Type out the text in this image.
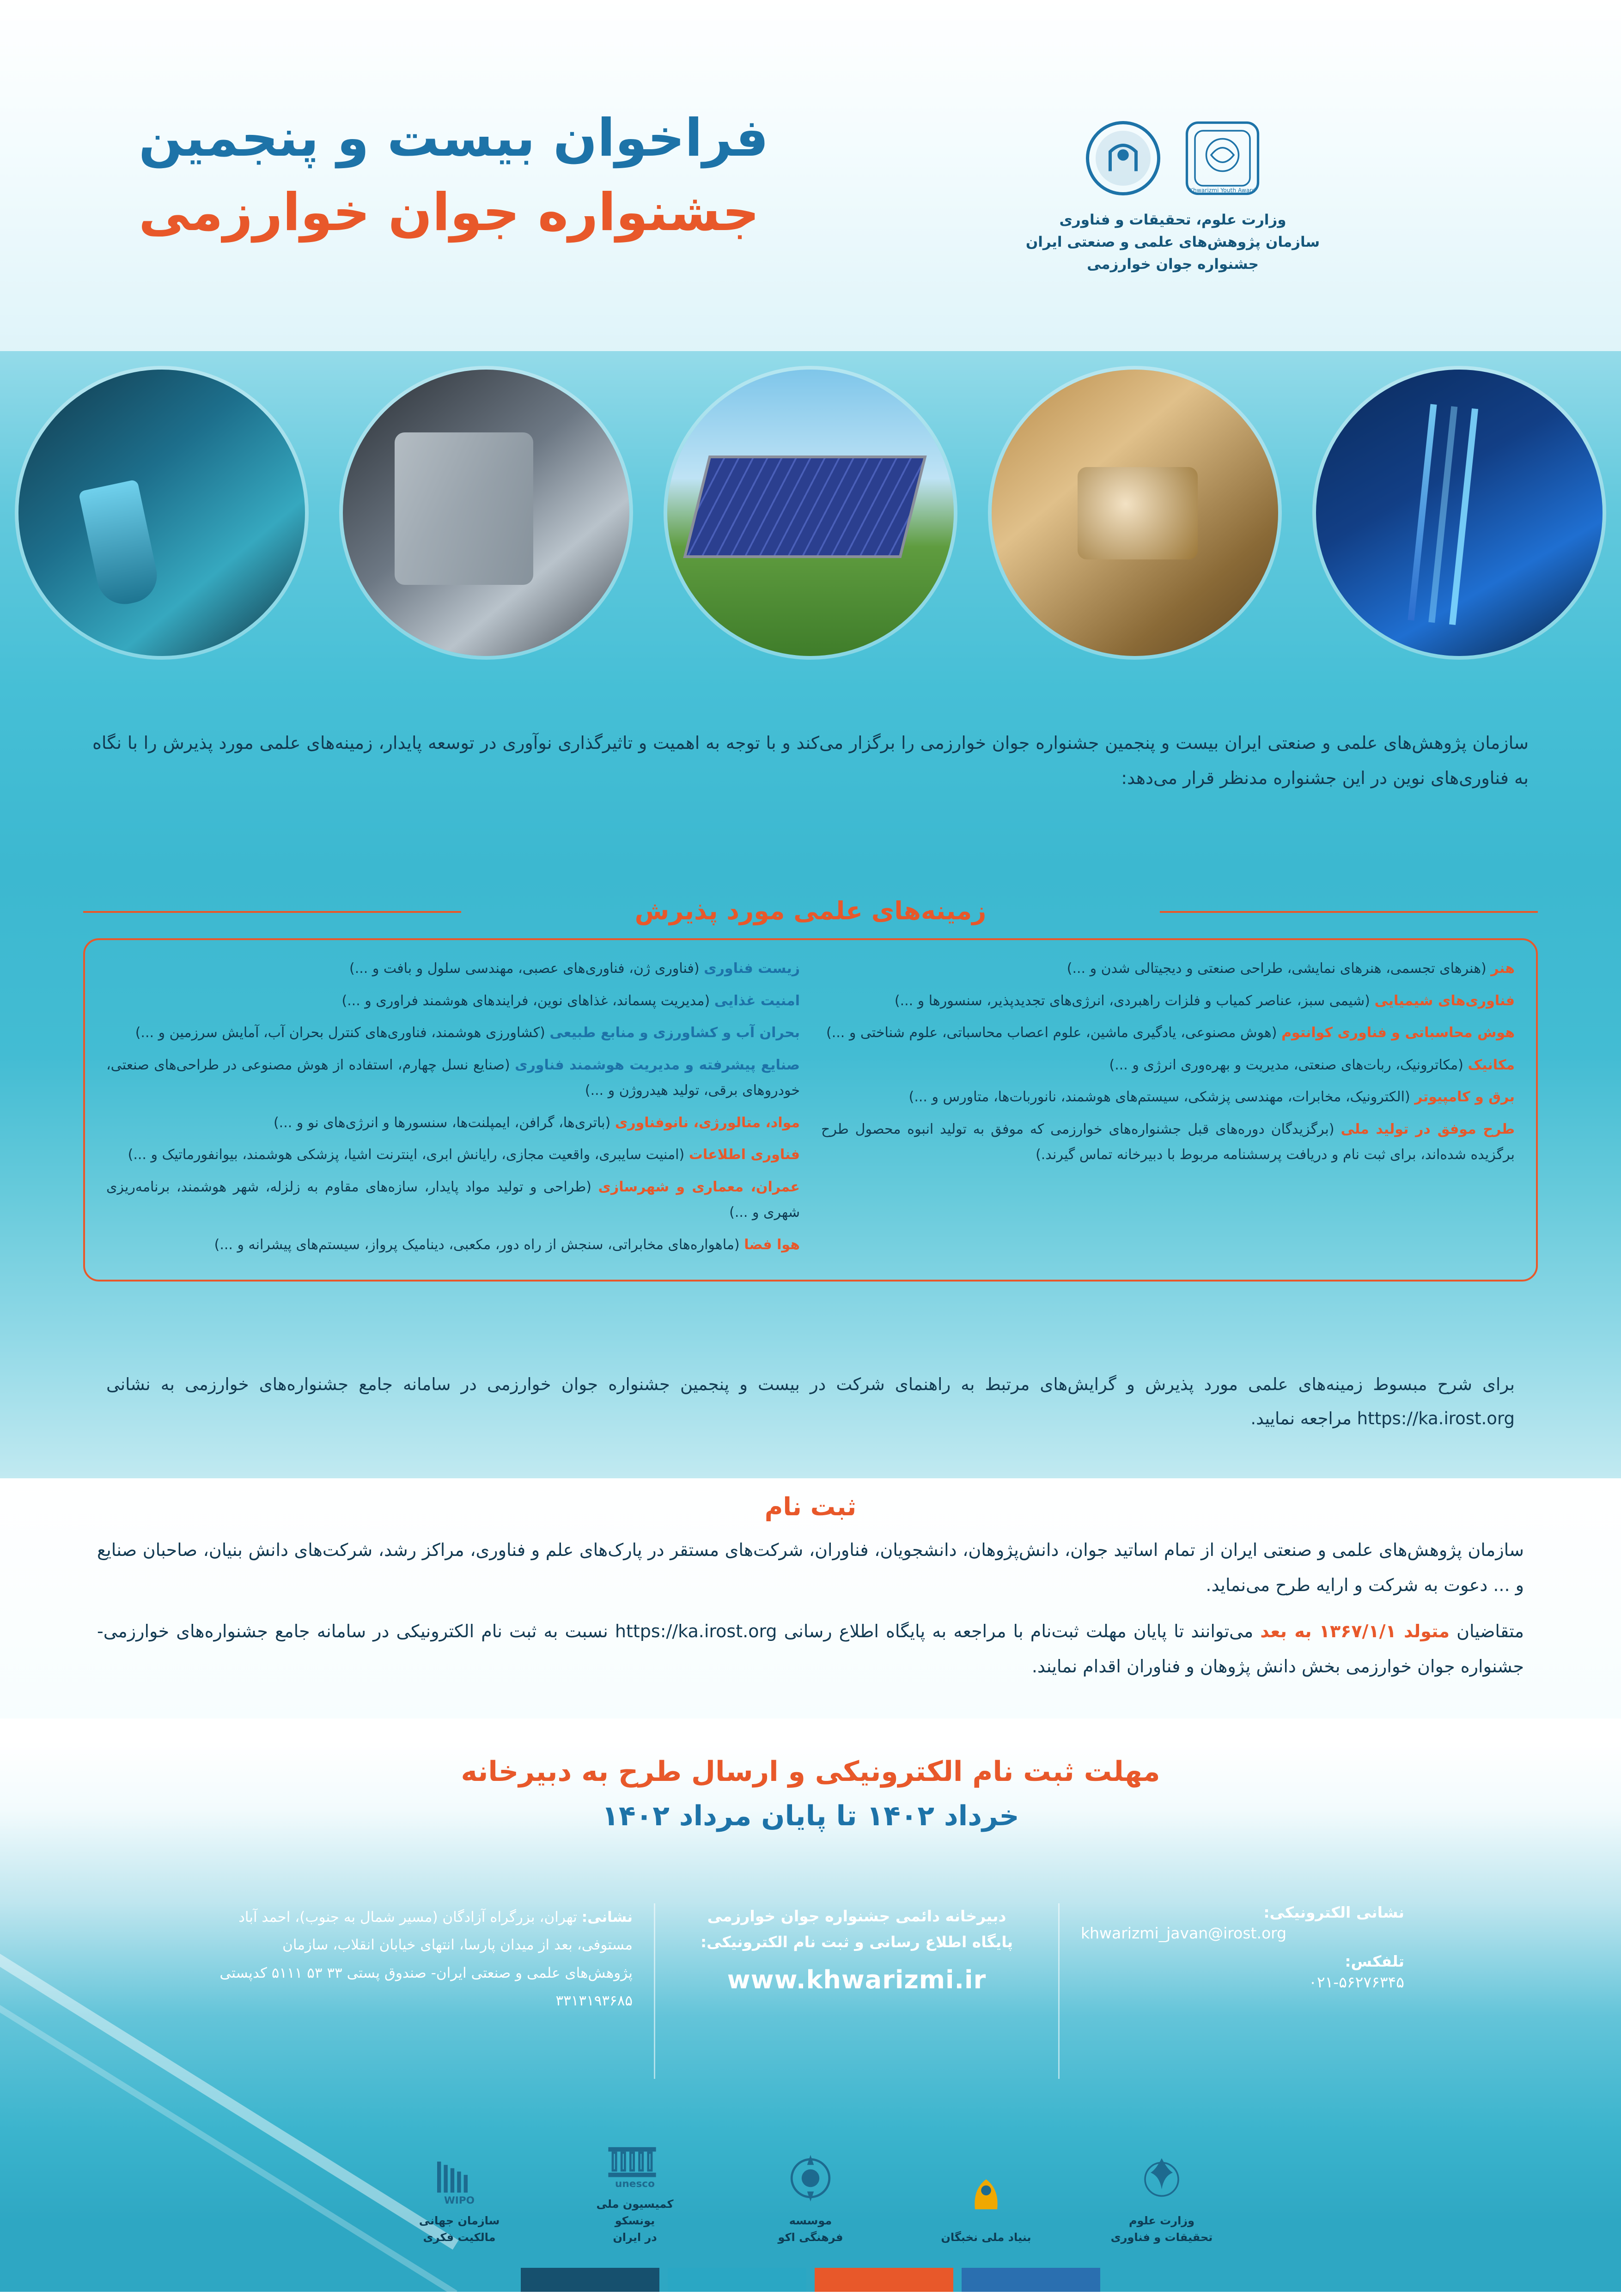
Khwarizmi Youth Award
وزارت علوم، تحقیقات و فناوری
سازمان پژوهش‌های علمی و صنعتی ایران
جشنواره جوان خوارزمی
فراخوان بیست و پنجمین
جشنواره جوان خوارزمی
سازمان پژوهش‌های علمی و صنعتی ایران بیست و پنجمین جشنواره جوان خوارزمی را برگزار می‌کند و با توجه به اهمیت و تاثیرگذاری نوآوری در توسعه پایدار، زمینه‌های علمی مورد پذیرش را با نگاه به فناوری‌های نوین در این جشنواره مدنظر قرار می‌دهد:
زمینه‌های علمی مورد پذیرش
هنر (هنرهای تجسمی، هنرهای نمایشی، طراحی صنعتی و دیجیتالی شدن و ...)
فناوری‌های شیمیایی (شیمی سبز، عناصر کمیاب و فلزات راهبردی، انرژی‌های تجدیدپذیر، سنسورها و ...)
هوش محاسباتی و فناوری کوانتوم (هوش مصنوعی، یادگیری ماشین، علوم اعصاب محاسباتی، علوم شناختی و ...)
مکانیک (مکاترونیک، ربات‌های صنعتی، مدیریت و بهره‌وری انرژی و ...)
برق و کامپیوتر (الکترونیک، مخابرات، مهندسی پزشکی، سیستم‌های هوشمند، نانوربات‌ها، متاورس و ...)
طرح موفق در تولید ملی (برگزیدگان دوره‌های قبل جشنواره‌های خوارزمی که موفق به تولید انبوه محصول طرح برگزیده شده‌اند، برای ثبت نام و دریافت پرسشنامه مربوط با دبیرخانه تماس گیرند.)
زیست فناوری (فناوری ژن، فناوری‌های عصبی، مهندسی سلول و بافت و ...)
امنیت غذایی (مدیریت پسماند، غذاهای نوین، فرایندهای هوشمند فراوری و ...)
بحران آب و کشاورزی و منابع طبیعی (کشاورزی هوشمند، فناوری‌های کنترل بحران آب، آمایش سرزمین و ...)
صنایع پیشرفته و مدیریت هوشمند فناوری (صنایع نسل چهارم، استفاده از هوش مصنوعی در طراحی‌های صنعتی، خودروهای برقی، تولید هیدروژن و ...)
مواد، متالورژی، نانوفناوری (باتری‌ها، گرافن، ایمپلنت‌ها، سنسورها و انرژی‌های نو و ...)
فناوری اطلاعات (امنیت سایبری، واقعیت مجازی، رایانش ابری، اینترنت اشیا، پزشکی هوشمند، بیوانفورماتیک و ...)
عمران، معماری و شهرسازی (طراحی و تولید مواد پایدار، سازه‌های مقاوم به زلزله، شهر هوشمند، برنامه‌ریزی شهری و ...)
هوا فضا (ماهواره‌های مخابراتی، سنجش از راه دور، مکعبی، دینامیک پرواز، سیستم‌های پیشرانه و ...)
برای شرح مبسوط زمینه‌های علمی مورد پذیرش و گرایش‌های مرتبط به راهنمای شرکت در بیست و پنجمین جشنواره جوان خوارزمی در سامانه جامع جشنواره‌های خوارزمی به نشانی https://ka.irost.org مراجعه نمایید.
ثبت نام
سازمان پژوهش‌های علمی و صنعتی ایران از تمام اساتید جوان، دانش‌پژوهان، دانشجویان، فناوران، شرکت‌های مستقر در پارک‌های علم و فناوری، مراکز رشد، شرکت‌های دانش بنیان، صاحبان صنایع و ... دعوت به شرکت و ارایه طرح می‌نماید.
متقاضیان متولد ۱۳۶۷/۱/۱ به بعد می‌توانند تا پایان مهلت ثبت‌نام با مراجعه به پایگاه اطلاع رسانی https://ka.irost.org نسبت به ثبت نام الکترونیکی در سامانه جامع جشنواره‌های خوارزمی- جشنواره جوان خوارزمی بخش دانش پژوهان و فناوران اقدام نمایند.
مهلت ثبت نام الکترونیکی و ارسال طرح به دبیرخانه
خرداد ۱۴۰۲ تا پایان مرداد ۱۴۰۲
نشانی الکترونیکی:
khwarizmi_javan@irost.org
تلفکس:
۰۲۱-۵۶۲۷۶۳۴۵
دبیرخانه دائمی جشنواره جوان خوارزمی
پایگاه اطلاع رسانی و ثبت نام الکترونیکی:
www.khwarizmi.ir
نشانی: تهران، بزرگراه آزادگان (مسیر شمال به جنوب)، احمد آباد مستوفی، بعد از میدان پارسا، انتهای خیابان انقلاب، سازمان پژوهش‌های علمی و صنعتی ایران- صندوق پستی ۳۳ ۵۳ ۵۱۱۱ کدپستی ۳۳۱۳۱۹۳۶۸۵
وزارت علوم
تحقیقات و فناوری
بنیاد ملی نخبگان
موسسه
فرهنگی اکو
unesco
کمیسیون ملی یونسکو
در ایران
WIPO
سازمان جهانی
مالکیت فکری
